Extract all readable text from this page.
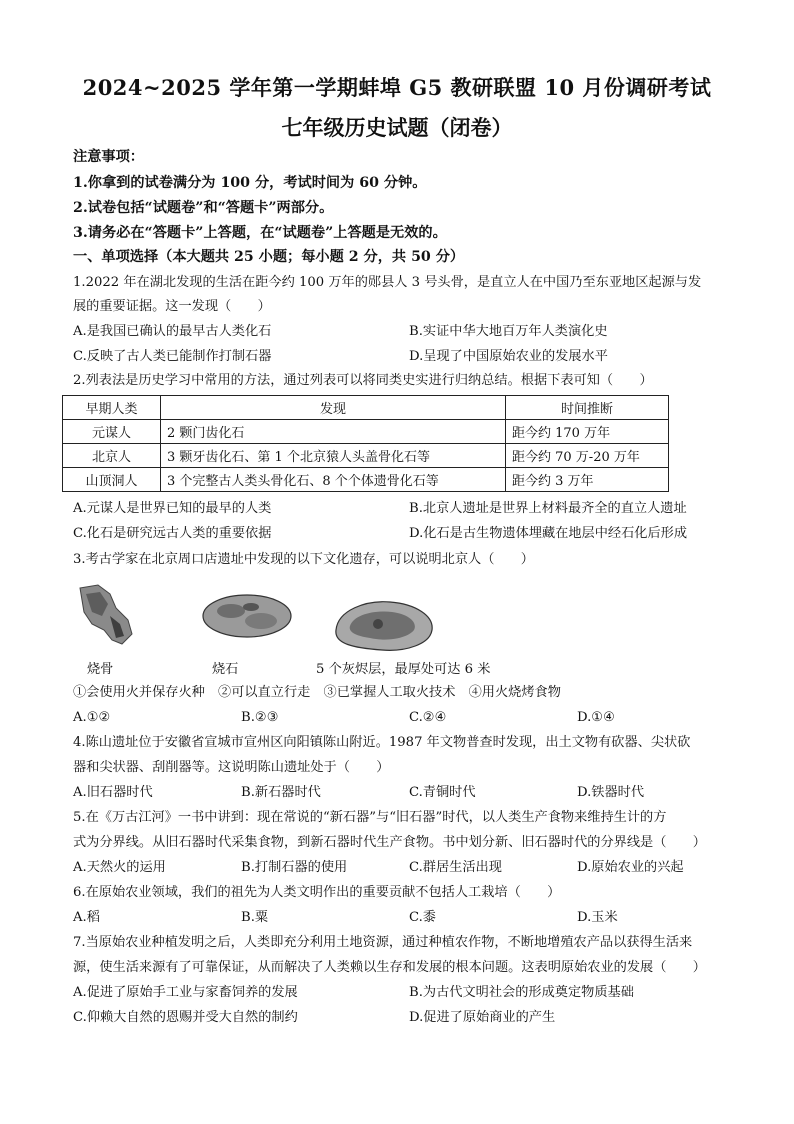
2024~2025 学年第一学期蚌埠 G5 教研联盟 10 月份调研考试
七年级历史试题（闭卷）
注意事项：
1.你拿到的试卷满分为 100 分，考试时间为 60 分钟。
2.试卷包括“试题卷”和“答题卡”两部分。
3.请务必在“答题卡”上答题，在“试题卷”上答题是无效的。
一、单项选择（本大题共 25 小题；每小题 2 分，共 50 分）
1.2022 年在湖北发现的生活在距今约 100 万年的郧县人 3 号头骨，是直立人在中国乃至东亚地区起源与发
展的重要证据。这一发现（　　）
A.是我国已确认的最早古人类化石	B.实证中华大地百万年人类演化史
C.反映了古人类已能制作打制石器	D.呈现了中国原始农业的发展水平
2.列表法是历史学习中常用的方法，通过列表可以将同类史实进行归纳总结。根据下表可知（　　）
早期人类	发现	时间推断
元谋人	2 颗门齿化石	距今约 170 万年
北京人	3 颗牙齿化石、第 1 个北京猿人头盖骨化石等	距今约 70 万-20 万年
山顶洞人	3 个完整古人类头骨化石、8 个个体遗骨化石等	距今约 3 万年
A.元谋人是世界已知的最早的人类	B.北京人遗址是世界上材料最齐全的直立人遗址
C.化石是研究远古人类的重要依据	D.化石是古生物遗体埋藏在地层中经石化后形成
3.考古学家在北京周口店遗址中发现的以下文化遗存，可以说明北京人（　　）
烧骨	烧石	5 个灰烬层，最厚处可达 6 米
①会使用火并保存火种　②可以直立行走　③已掌握人工取火技术　④用火烧烤食物
A.①②	B.②③	C.②④	D.①④
4.陈山遗址位于安徽省宣城市宣州区向阳镇陈山附近。1987 年文物普查时发现，出土文物有砍器、尖状砍
器和尖状器、刮削器等。这说明陈山遗址处于（　　）
A.旧石器时代	B.新石器时代	C.青铜时代	D.铁器时代
5.在《万古江河》一书中讲到：现在常说的“新石器”与“旧石器”时代，以人类生产食物来维持生计的方
式为分界线。从旧石器时代采集食物，到新石器时代生产食物。书中划分新、旧石器时代的分界线是（　　）
A.天然火的运用	B.打制石器的使用	C.群居生活出现	D.原始农业的兴起
6.在原始农业领域，我们的祖先为人类文明作出的重要贡献不包括人工栽培（　　）
A.稻	B.粟	C.黍	D.玉米
7.当原始农业种植发明之后，人类即充分利用土地资源，通过种植农作物，不断地增殖农产品以获得生活来
源，使生活来源有了可靠保证，从而解决了人类赖以生存和发展的根本问题。这表明原始农业的发展（　　）
A.促进了原始手工业与家畜饲养的发展	B.为古代文明社会的形成奠定物质基础
C.仰赖大自然的恩赐并受大自然的制约	D.促进了原始商业的产生
